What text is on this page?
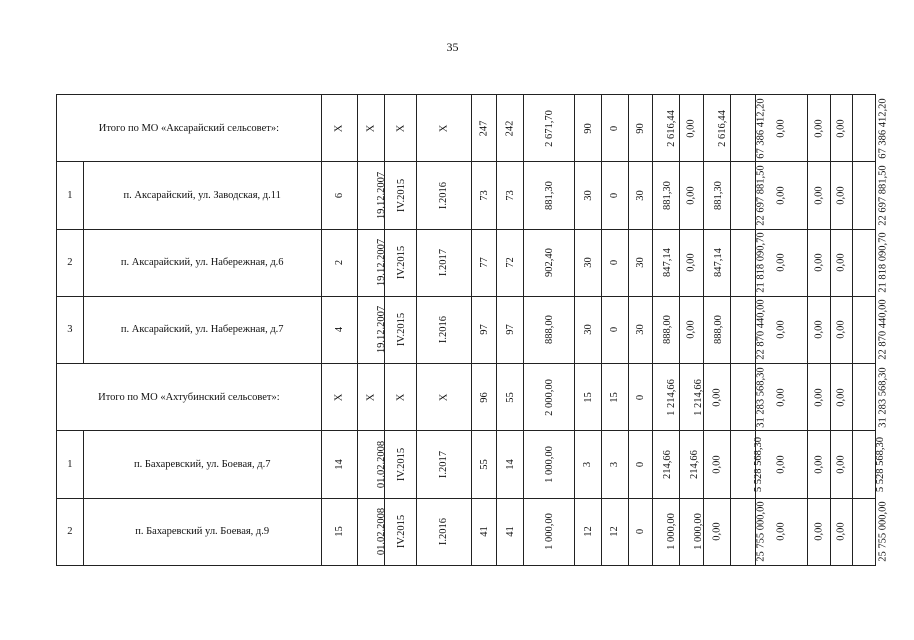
35
Итого по МО «Аксарайский сельсовет»:		Х	Х	Х	Х	247	242	2 671,70	90	0	90	2 616,44	0,00	2 616,44	67 386 412,20	0,00	0,00	0,00	67 386 412,20
1	п. Аксарайский, ул. Заводская, д.11	6	19.12.2007	IV.2015	I.2016	73	73	881,30	30	0	30	881,30	0,00	881,30	22 697 881,50	0,00	0,00	0,00	22 697 881,50
2	п. Аксарайский, ул. Набережная, д.6	2	19.12.2007	IV.2015	I.2017	77	72	902,40	30	0	30	847,14	0,00	847,14	21 818 090,70	0,00	0,00	0,00	21 818 090,70
3	п. Аксарайский, ул. Набережная, д.7	4	19.12.2007	IV.2015	I.2016	97	97	888,00	30	0	30	888,00	0,00	888,00	22 870 440,00	0,00	0,00	0,00	22 870 440,00
Итого по МО «Ахтубинский сельсовет»:		Х	Х	Х	Х	96	55	2 000,00	15	15	0	1 214,66	1 214,66	0,00	31 283 568,30	0,00	0,00	0,00	31 283 568,30
1	п. Бахаревский, ул. Боевая, д.7	14	01.02.2008	IV.2015	I.2017	55	14	1 000,00	3	3	0	214,66	214,66	0,00	5 528 568,30	0,00	0,00	0,00	5 528 568,30
2	п. Бахаревский ул. Боевая, д.9	15	01.02.2008	IV.2015	I.2016	41	41	1 000,00	12	12	0	1 000,00	1 000,00	0,00	25 755 000,00	0,00	0,00	0,00	25 755 000,00
